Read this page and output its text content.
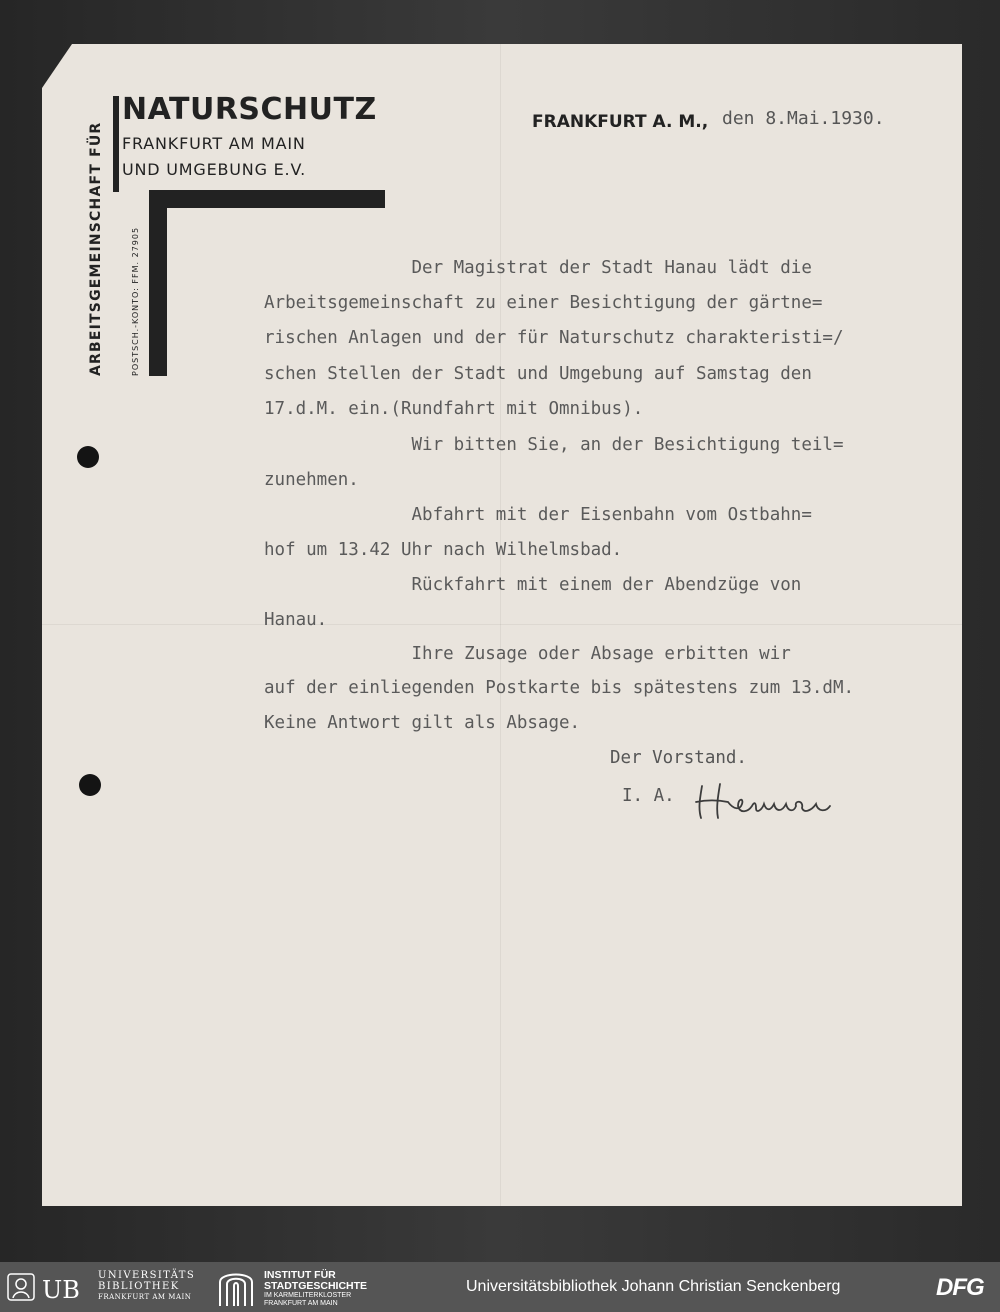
NATURSCHUTZ
FRANKFURT AM MAIN
UND UMGEBUNG E.V.
ARBEITSGEMEINSCHAFT FÜR	POSTSCH.-KONTO: FFM. 27905
FRANKFURT A. M., den 8.Mai.1930.
Der Magistrat der Stadt Hanau lädt die
Arbeitsgemeinschaft zu einer Besichtigung der gärtne=
rischen Anlagen und der für Naturschutz charakteristi=/
schen Stellen der Stadt und Umgebung auf Samstag den
17.d.M. ein.(Rundfahrt mit Omnibus).
Wir bitten Sie, an der Besichtigung teil=
zunehmen.
Abfahrt mit der Eisenbahn vom Ostbahn=
hof um 13.42 Uhr nach Wilhelmsbad.
Rückfahrt mit einem der Abendzüge von
Hanau.
Ihre Zusage oder Absage erbitten wir
auf der einliegenden Postkarte bis spätestens zum 13.dM.
Keine Antwort gilt als Absage.
Der Vorstand.
I. A.
UB
UNIVERSITÄTS
BIBLIOTHEK
FRANKFURT AM MAIN
INSTITUT FÜR
STADTGESCHICHTE
IM KARMELITERKLOSTER
FRANKFURT AM MAIN
Universitätsbibliothek Johann Christian Senckenberg	DFG
